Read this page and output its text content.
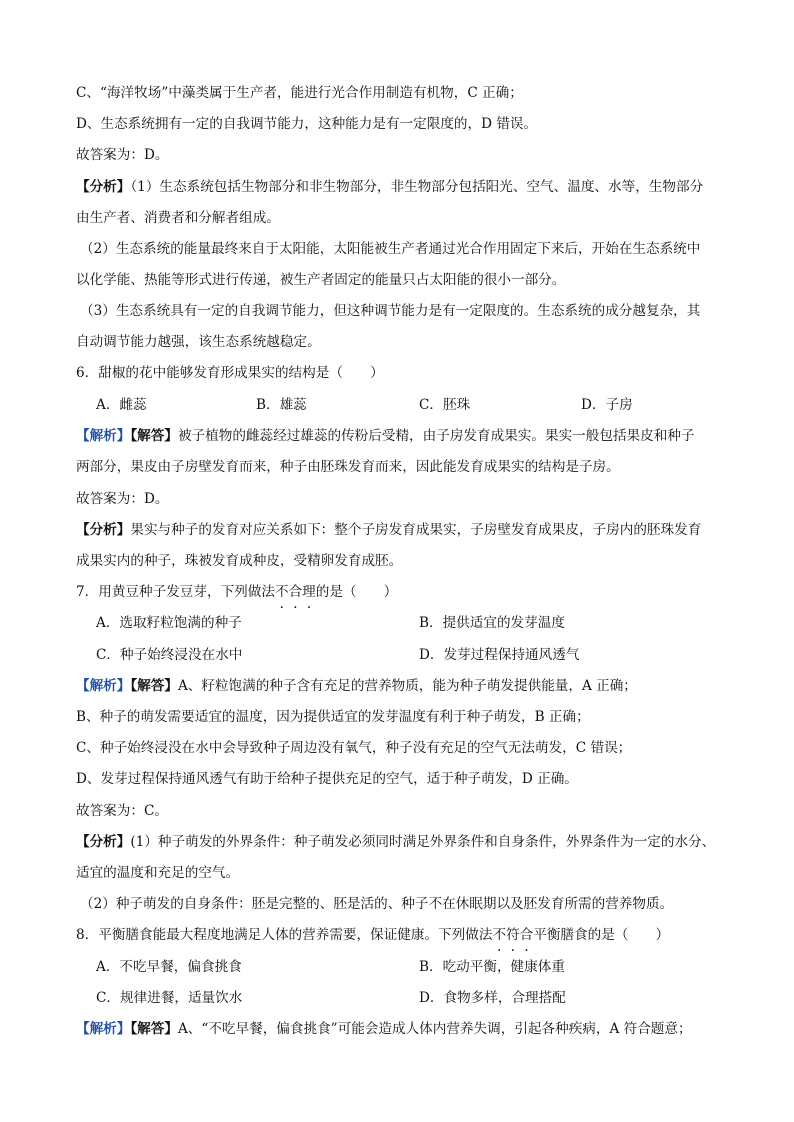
C、“海洋牧场”中藻类属于生产者，能进行光合作用制造有机物，C 正确；
D、生态系统拥有一定的自我调节能力，这种能力是有一定限度的，D 错误。
故答案为：D。
【分析】（1）生态系统包括生物部分和非生物部分，非生物部分包括阳光、空气、温度、水等，生物部分
由生产者、消费者和分解者组成。
（2）生态系统的能量最终来自于太阳能，太阳能被生产者通过光合作用固定下来后，开始在生态系统中
以化学能、热能等形式进行传递，被生产者固定的能量只占太阳能的很小一部分。
（3）生态系统具有一定的自我调节能力，但这种调节能力是有一定限度的。生态系统的成分越复杂，其
自动调节能力越强，该生态系统越稳定。
6．甜椒的花中能够发育形成果实的结构是（　　）
A．雌蕊	B．雄蕊	C．胚珠	D．子房
【解析】【解答】被子植物的雌蕊经过雄蕊的传粉后受精，由子房发育成果实。果实一般包括果皮和种子
两部分，果皮由子房壁发育而来，种子由胚珠发育而来，因此能发育成果实的结构是子房。
故答案为：D。
【分析】果实与种子的发育对应关系如下：整个子房发育成果实，子房壁发育成果皮，子房内的胚珠发育
成果实内的种子，珠被发育成种皮，受精卵发育成胚。
7．用黄豆种子发豆芽，下列做法不合理的是（　　）
A．选取籽粒饱满的种子	B．提供适宜的发芽温度
C．种子始终浸没在水中	D．发芽过程保持通风透气
【解析】【解答】A、籽粒饱满的种子含有充足的营养物质，能为种子萌发提供能量，A 正确；
B、种子的萌发需要适宜的温度，因为提供适宜的发芽温度有利于种子萌发，B 正确；
C、种子始终浸没在水中会导致种子周边没有氧气，种子没有充足的空气无法萌发，C 错误；
D、发芽过程保持通风透气有助于给种子提供充足的空气，适于种子萌发，D 正确。
故答案为：C。
【分析】(1）种子萌发的外界条件：种子萌发必须同时满足外界条件和自身条件，外界条件为一定的水分、
适宜的温度和充足的空气。
（2）种子萌发的自身条件：胚是完整的、胚是活的、种子不在休眠期以及胚发育所需的营养物质。
8．平衡膳食能最大程度地满足人体的营养需要，保证健康。下列做法不符合平衡膳食的是（　　）
A．不吃早餐，偏食挑食	B．吃动平衡，健康体重
C．规律进餐，适量饮水	D．食物多样，合理搭配
【解析】【解答】A、“不吃早餐，偏食挑食”可能会造成人体内营养失调，引起各种疾病，A 符合题意；
